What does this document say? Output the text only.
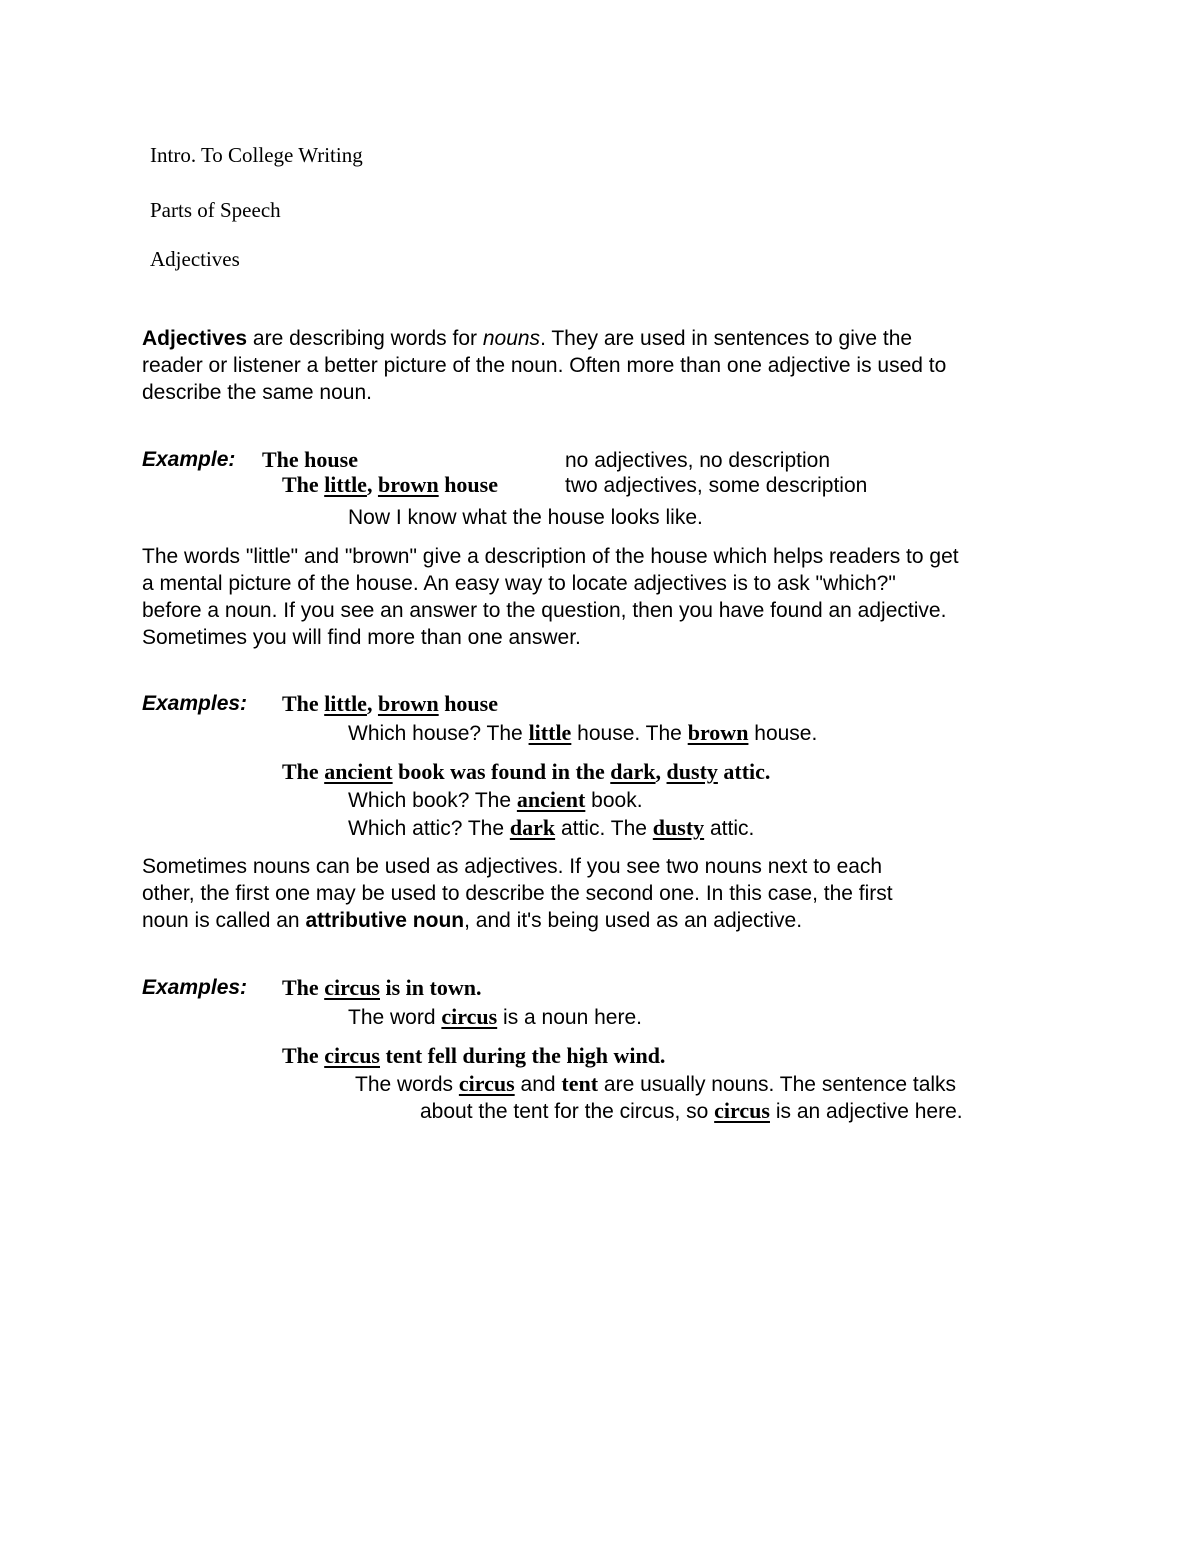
Intro. To College Writing

Parts of Speech

Adjectives

Adjectives are describing words for nouns. They are used in sentences to give the

reader or listener a better picture of the noun. Often more than one adjective is used to

describe the same noun.

Example: The house	no adjectives, no description

The little, brown house	two adjectives, some description

Now I know what the house looks like.

The words "little" and "brown" give a description of the house which helps readers to get

a mental picture of the house. An easy way to locate adjectives is to ask "which?"

before a noun. If you see an answer to the question, then you have found an adjective.

Sometimes you will find more than one answer.

Examples: The little, brown house

Which house? The little house. The brown house.

The ancient book was found in the dark, dusty attic.

Which book? The ancient book.

Which attic? The dark attic. The dusty attic.

Sometimes nouns can be used as adjectives. If you see two nouns next to each

other, the first one may be used to describe the second one. In this case, the first

noun is called an attributive noun, and it's being used as an adjective.

Examples: The circus is in town.

The word circus is a noun here.

The circus tent fell during the high wind.

The words circus and tent are usually nouns. The sentence talks

about the tent for the circus, so circus is an adjective here.
